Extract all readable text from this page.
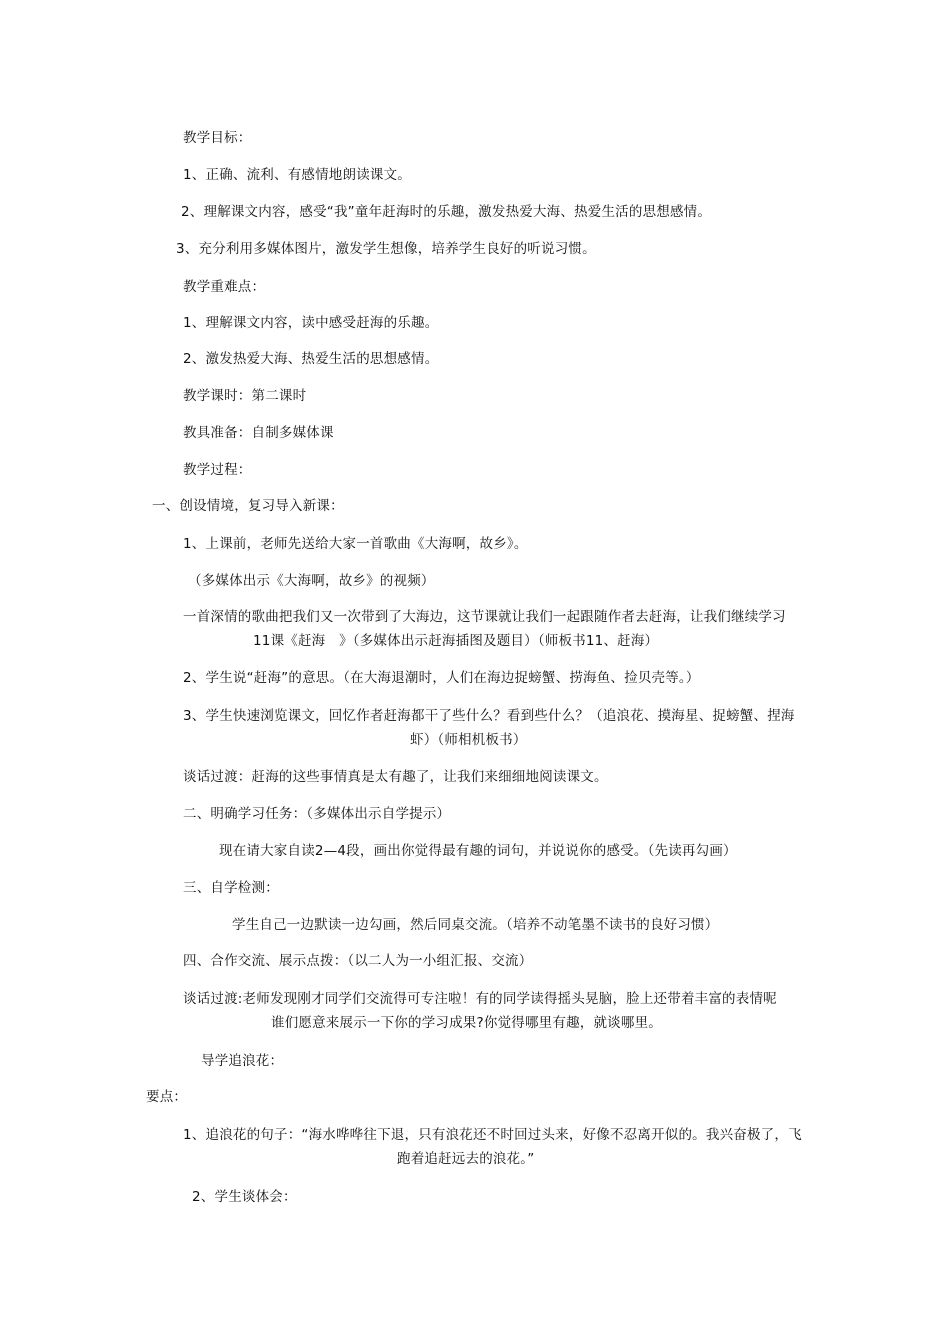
教学目标：
1、正确、流利、有感情地朗读课文。
2、理解课文内容，感受“我”童年赶海时的乐趣，激发热爱大海、热爱生活的思想感情。
3、充分利用多媒体图片，激发学生想像，培养学生良好的听说习惯。
教学重难点：
1、理解课文内容，读中感受赶海的乐趣。
2、激发热爱大海、热爱生活的思想感情。
教学课时：第二课时
教具准备：自制多媒体课
教学过程：
一、创设情境，复习导入新课：
1、上课前，老师先送给大家一首歌曲《大海啊，故乡》。
（多媒体出示《大海啊，故乡》的视频）
一首深情的歌曲把我们又一次带到了大海边，这节课就让我们一起跟随作者去赶海，让我们继续学习
11课《赶海　》（多媒体出示赶海插图及题目）（师板书11、赶海）
2、学生说“赶海”的意思。（在大海退潮时，人们在海边捉螃蟹、捞海鱼、捡贝壳等。）
3、学生快速浏览课文，回忆作者赶海都干了些什么？看到些什么？（追浪花、摸海星、捉螃蟹、捏海
虾）（师相机板书）
谈话过渡：赶海的这些事情真是太有趣了，让我们来细细地阅读课文。
二、明确学习任务：（多媒体出示自学提示）
现在请大家自读2—4段，画出你觉得最有趣的词句，并说说你的感受。（先读再勾画）
三、自学检测：
学生自己一边默读一边勾画，然后同桌交流。（培养不动笔墨不读书的良好习惯）
四、合作交流、展示点拨：（以二人为一小组汇报、交流）
谈话过渡:老师发现刚才同学们交流得可专注啦！有的同学读得摇头晃脑，脸上还带着丰富的表情呢
谁们愿意来展示一下你的学习成果?你觉得哪里有趣，就谈哪里。
导学追浪花：
要点：
1、追浪花的句子：“海水哗哗往下退，只有浪花还不时回过头来，好像不忍离开似的。我兴奋极了，飞
跑着追赶远去的浪花。”
2、学生谈体会：
